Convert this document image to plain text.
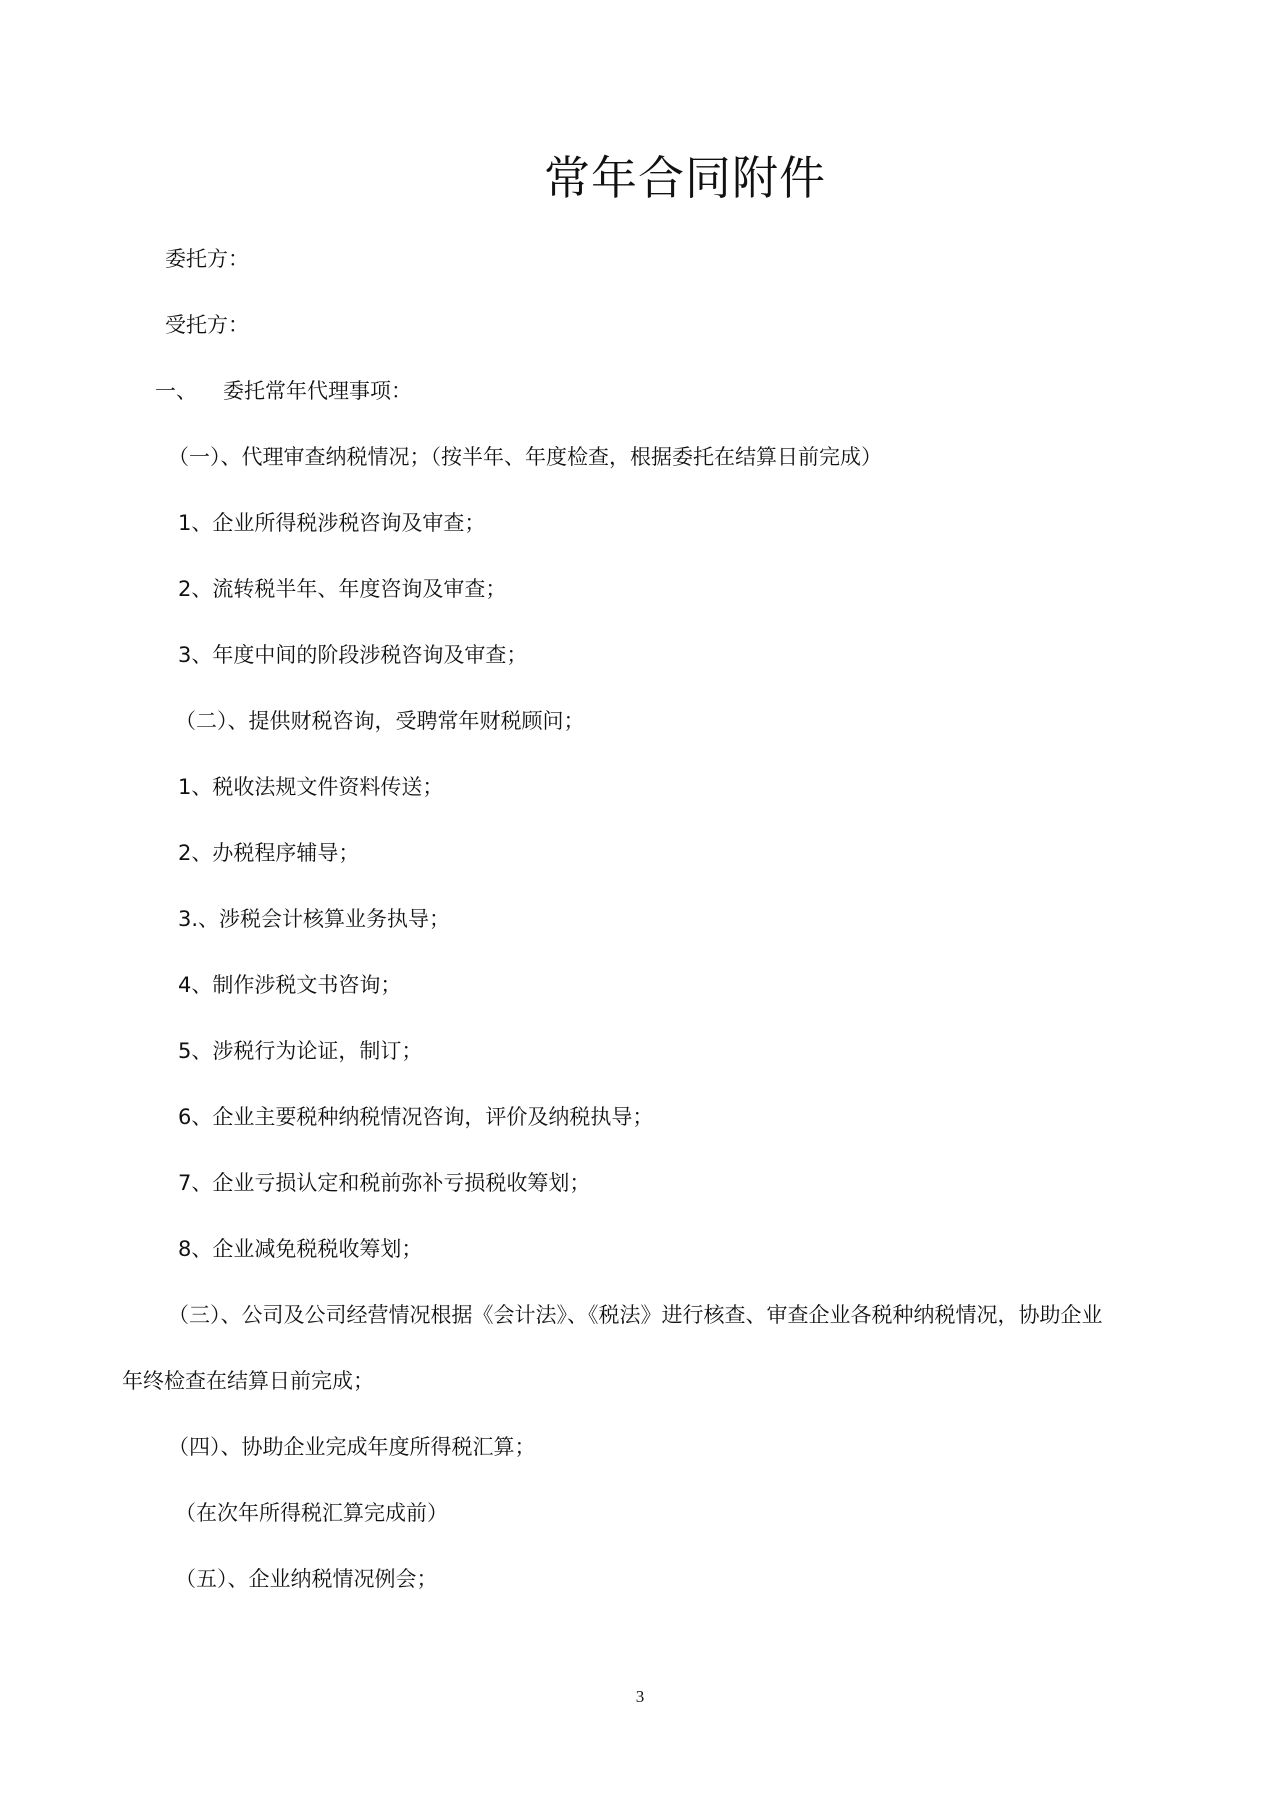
常年合同附件

委托方：

受托方：

一、 委托常年代理事项：

（一）、代理审查纳税情况；（按半年、年度检查，根据委托在结算日前完成）

1、企业所得税涉税咨询及审查；

2、流转税半年、年度咨询及审查；

3、年度中间的阶段涉税咨询及审查；

（二）、提供财税咨询，受聘常年财税顾问；

1、税收法规文件资料传送；

2、办税程序辅导；

3.、涉税会计核算业务执导；

4、制作涉税文书咨询；

5、涉税行为论证，制订；

6、企业主要税种纳税情况咨询，评价及纳税执导；

7、企业亏损认定和税前弥补亏损税收筹划；

8、企业减免税税收筹划；

（三）、公司及公司经营情况根据《会计法》、《税法》进行核查、审查企业各税种纳税情况，协助企业

年终检查在结算日前完成；

（四）、协助企业完成年度所得税汇算；

（在次年所得税汇算完成前）

（五）、企业纳税情况例会；

3
